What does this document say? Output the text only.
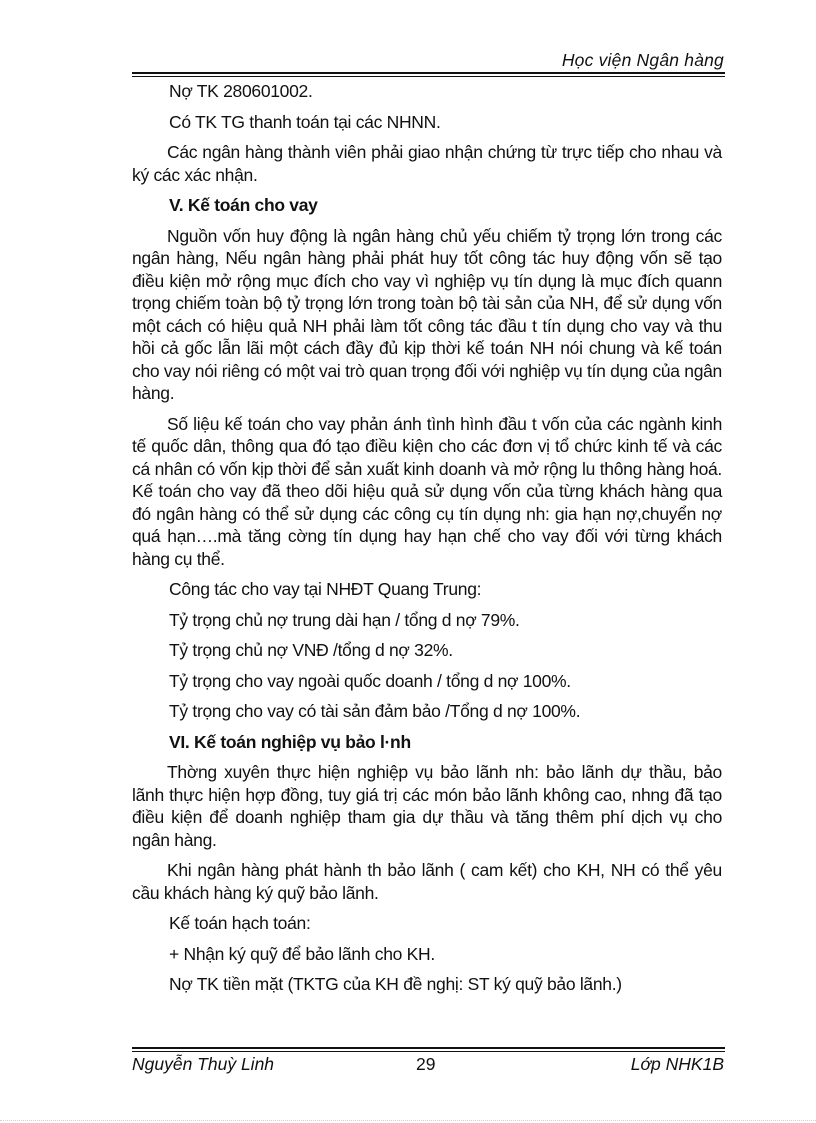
Học viện Ngân hàng

Nợ TK 280601002.

Có TK TG thanh toán tại các NHNN.

Các ngân hàng thành viên phải giao nhận chứng từ trực tiếp cho nhau và ký các xác nhận.

V. Kế toán cho vay

Nguồn vốn huy động là ngân hàng chủ yếu chiếm tỷ trọng lớn trong các ngân hàng, Nếu ngân hàng phải phát huy tốt công tác huy động vốn sẽ tạo điều kiện mở rộng mục đích cho vay vì nghiệp vụ tín dụng là mục đích quann trọng chiếm toàn bộ tỷ trọng lớn trong toàn bộ tài sản của NH, để sử dụng vốn một cách có hiệu quả NH phải làm tốt công tác đầu t tín dụng cho vay và thu hồi cả gốc lẫn lãi một cách đầy đủ kịp thời kế toán NH nói chung và kế toán cho vay nói riêng có một vai trò quan trọng đối với nghiệp vụ tín dụng của ngân hàng.

Số liệu kế toán cho vay phản ánh tình hình đầu t vốn của các ngành kinh tế quốc dân, thông qua đó tạo điều kiện cho các đơn vị tổ chức kinh tế và các cá nhân có vốn kịp thời để sản xuất kinh doanh và mở rộng lu thông hàng hoá. Kế toán cho vay đã theo dõi hiệu quả sử dụng vốn của từng khách hàng qua đó ngân hàng có thể sử dụng các công cụ tín dụng nh: gia hạn nợ,chuyển nợ quá hạn….mà tăng cờng tín dụng hay hạn chế cho vay đối với từng khách hàng cụ thể.

Công tác cho vay tại NHĐT Quang Trung:

Tỷ trọng chủ nợ trung dài hạn / tổng d nợ 79%.

Tỷ trọng chủ nợ VNĐ /tổng d nợ 32%.

Tỷ trọng cho vay ngoài quốc doanh / tổng d nợ 100%.

Tỷ trọng cho vay có tài sản đảm bảo /Tổng d nợ 100%.

VI. Kế toán nghiệp vụ bảo l·nh

Thờng xuyên thực hiện nghiệp vụ bảo lãnh nh: bảo lãnh dự thầu, bảo lãnh thực hiện hợp đồng, tuy giá trị các món bảo lãnh không cao, nhng đã tạo điều kiện để doanh nghiệp tham gia dự thầu và tăng thêm phí dịch vụ cho ngân hàng.

Khi ngân hàng phát hành th bảo lãnh ( cam kết) cho KH, NH có thể yêu cầu khách hàng ký quỹ bảo lãnh.

Kế toán hạch toán:

+ Nhận ký quỹ để bảo lãnh cho KH.

Nợ TK tiền mặt (TKTG của KH đề nghị: ST ký quỹ bảo lãnh.)

Nguyễn Thuỳ Linh	29	Lớp NHK1B
